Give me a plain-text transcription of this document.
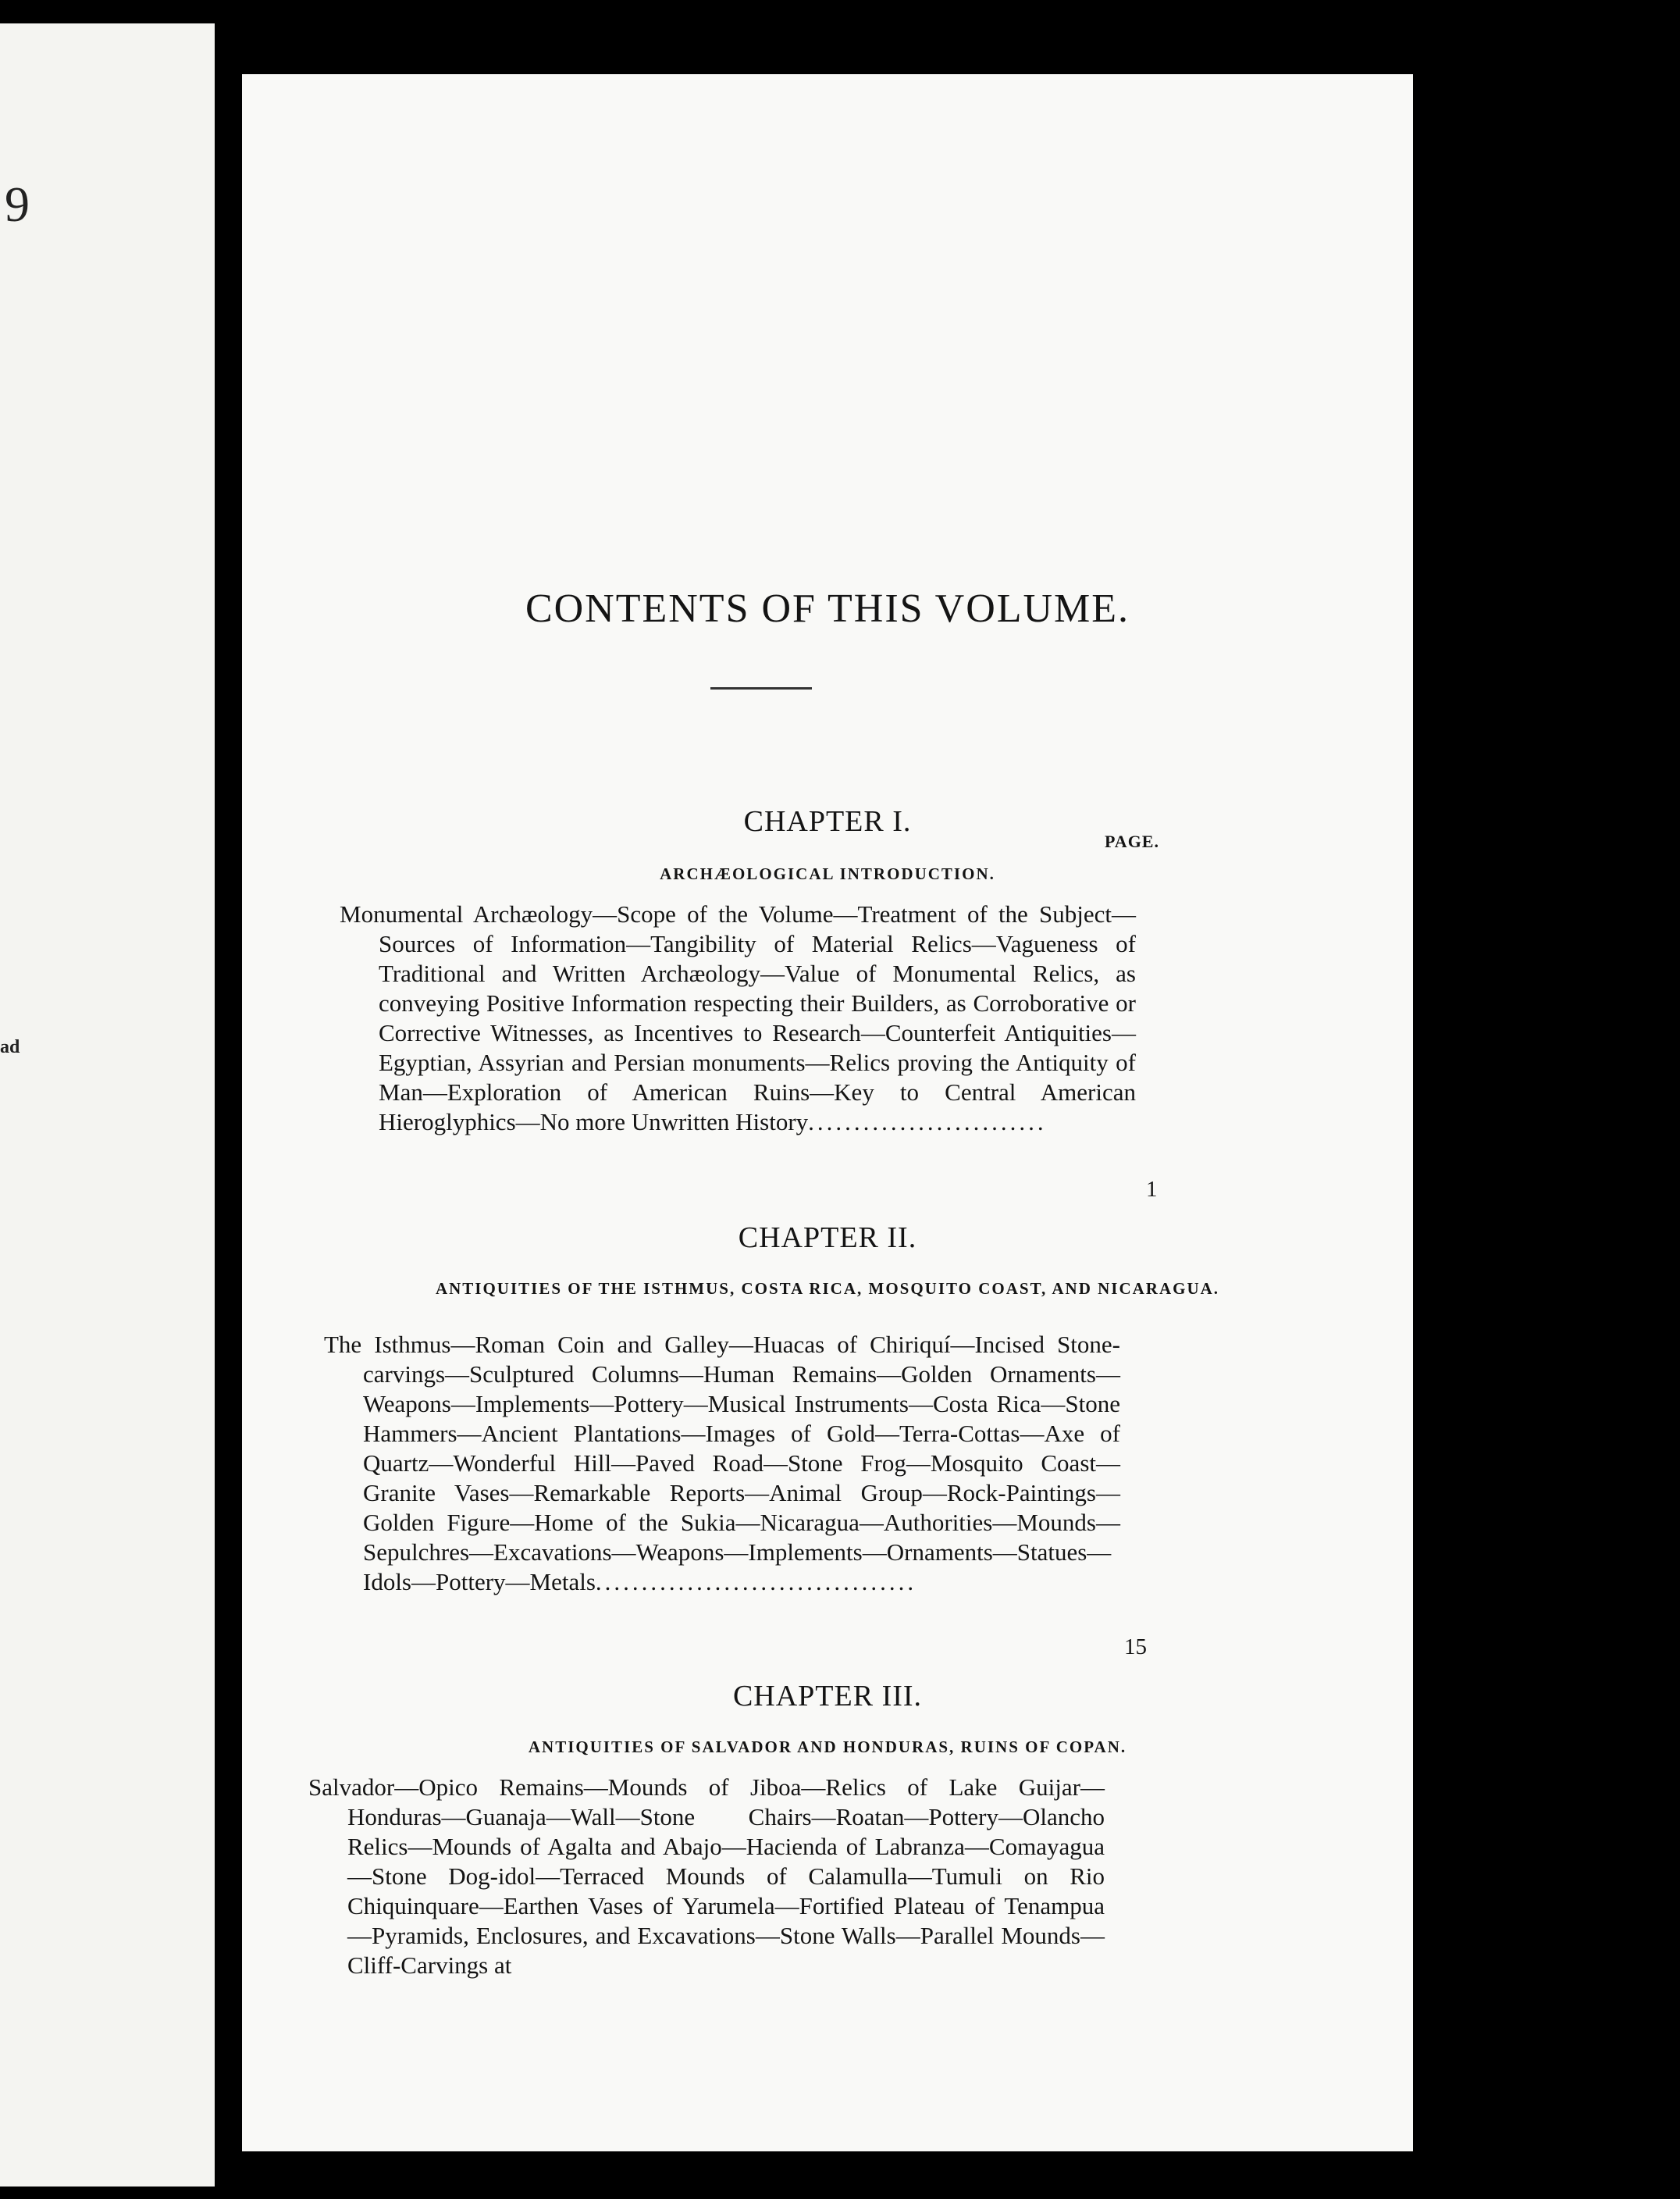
9
ad
CONTENTS OF THIS VOLUME.
CHAPTER I.
ARCHÆOLOGICAL INTRODUCTION.
PAGE.
Monumental Archæology—Scope of the Volume—Treatment of the Subject—Sources of Information—Tangibility of Material Relics—Vagueness of Traditional and Written Archæology—Value of Monumental Relics, as conveying Positive Information respecting their Builders, as Corroborative or Corrective Witnesses, as Incentives to Research—Counterfeit Antiquities—Egyptian, Assyrian and Persian monuments—Relics proving the Antiquity of Man—Exploration of American Ruins—Key to Central American Hieroglyphics—No more Unwritten History..........................
1
CHAPTER II.
ANTIQUITIES OF THE ISTHMUS, COSTA RICA, MOSQUITO COAST, AND NICARAGUA.
The Isthmus—Roman Coin and Galley—Huacas of Chiriquí—Incised Stone-carvings—Sculptured Columns—Human Remains—Golden Ornaments—Weapons—Implements—Pottery—Musical Instruments—Costa Rica—Stone Hammers—Ancient Plantations—Images of Gold—Terra-Cottas—Axe of Quartz—Wonderful Hill—Paved Road—Stone Frog—Mosquito Coast—Granite Vases—Remarkable Reports—Animal Group—Rock-Paintings—Golden Figure—Home of the Sukia—Nicaragua—Authorities—Mounds—Sepulchres—Excavations—Weapons—Implements—Ornaments—Statues—Idols—Pottery—Metals...................................
15
CHAPTER III.
ANTIQUITIES OF SALVADOR AND HONDURAS, RUINS OF COPAN.
Salvador—Opico Remains—Mounds of Jiboa—Relics of Lake Guijar—Honduras—Guanaja—Wall—Stone Chairs—Roatan—Pottery—Olancho Relics—Mounds of Agalta and Abajo—Hacienda of Labranza—Comayagua—Stone Dog-idol—Terraced Mounds of Calamulla—Tumuli on Rio Chiquinquare—Earthen Vases of Yarumela—Fortified Plateau of Tenampua—Pyramids, Enclosures, and Excavations—Stone Walls—Parallel Mounds—Cliff-Carvings at
